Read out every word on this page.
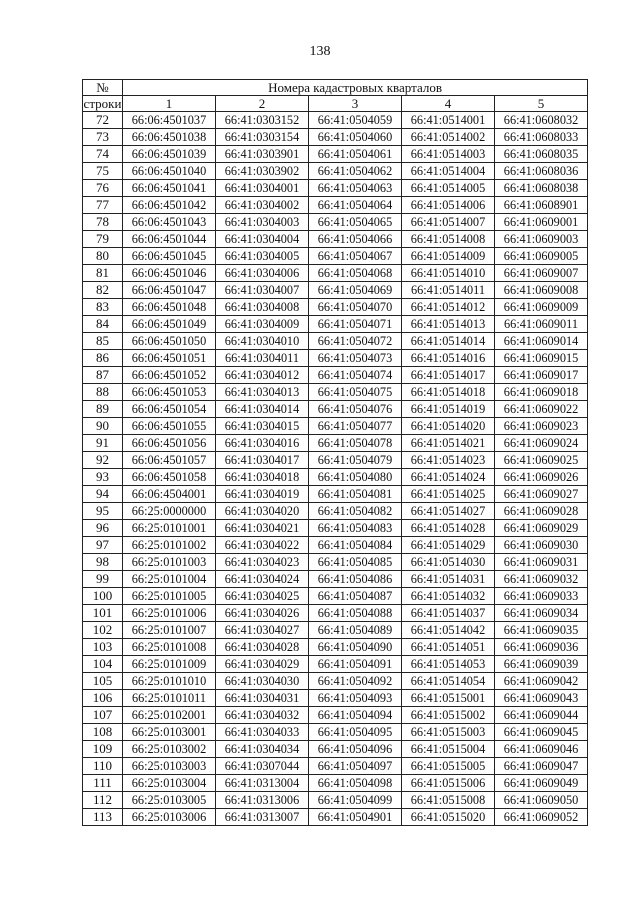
138
№	Номера кадастровых кварталов				
строки	1	2	3	4	5
72	66:06:4501037	66:41:0303152	66:41:0504059	66:41:0514001	66:41:0608032
73	66:06:4501038	66:41:0303154	66:41:0504060	66:41:0514002	66:41:0608033
74	66:06:4501039	66:41:0303901	66:41:0504061	66:41:0514003	66:41:0608035
75	66:06:4501040	66:41:0303902	66:41:0504062	66:41:0514004	66:41:0608036
76	66:06:4501041	66:41:0304001	66:41:0504063	66:41:0514005	66:41:0608038
77	66:06:4501042	66:41:0304002	66:41:0504064	66:41:0514006	66:41:0608901
78	66:06:4501043	66:41:0304003	66:41:0504065	66:41:0514007	66:41:0609001
79	66:06:4501044	66:41:0304004	66:41:0504066	66:41:0514008	66:41:0609003
80	66:06:4501045	66:41:0304005	66:41:0504067	66:41:0514009	66:41:0609005
81	66:06:4501046	66:41:0304006	66:41:0504068	66:41:0514010	66:41:0609007
82	66:06:4501047	66:41:0304007	66:41:0504069	66:41:0514011	66:41:0609008
83	66:06:4501048	66:41:0304008	66:41:0504070	66:41:0514012	66:41:0609009
84	66:06:4501049	66:41:0304009	66:41:0504071	66:41:0514013	66:41:0609011
85	66:06:4501050	66:41:0304010	66:41:0504072	66:41:0514014	66:41:0609014
86	66:06:4501051	66:41:0304011	66:41:0504073	66:41:0514016	66:41:0609015
87	66:06:4501052	66:41:0304012	66:41:0504074	66:41:0514017	66:41:0609017
88	66:06:4501053	66:41:0304013	66:41:0504075	66:41:0514018	66:41:0609018
89	66:06:4501054	66:41:0304014	66:41:0504076	66:41:0514019	66:41:0609022
90	66:06:4501055	66:41:0304015	66:41:0504077	66:41:0514020	66:41:0609023
91	66:06:4501056	66:41:0304016	66:41:0504078	66:41:0514021	66:41:0609024
92	66:06:4501057	66:41:0304017	66:41:0504079	66:41:0514023	66:41:0609025
93	66:06:4501058	66:41:0304018	66:41:0504080	66:41:0514024	66:41:0609026
94	66:06:4504001	66:41:0304019	66:41:0504081	66:41:0514025	66:41:0609027
95	66:25:0000000	66:41:0304020	66:41:0504082	66:41:0514027	66:41:0609028
96	66:25:0101001	66:41:0304021	66:41:0504083	66:41:0514028	66:41:0609029
97	66:25:0101002	66:41:0304022	66:41:0504084	66:41:0514029	66:41:0609030
98	66:25:0101003	66:41:0304023	66:41:0504085	66:41:0514030	66:41:0609031
99	66:25:0101004	66:41:0304024	66:41:0504086	66:41:0514031	66:41:0609032
100	66:25:0101005	66:41:0304025	66:41:0504087	66:41:0514032	66:41:0609033
101	66:25:0101006	66:41:0304026	66:41:0504088	66:41:0514037	66:41:0609034
102	66:25:0101007	66:41:0304027	66:41:0504089	66:41:0514042	66:41:0609035
103	66:25:0101008	66:41:0304028	66:41:0504090	66:41:0514051	66:41:0609036
104	66:25:0101009	66:41:0304029	66:41:0504091	66:41:0514053	66:41:0609039
105	66:25:0101010	66:41:0304030	66:41:0504092	66:41:0514054	66:41:0609042
106	66:25:0101011	66:41:0304031	66:41:0504093	66:41:0515001	66:41:0609043
107	66:25:0102001	66:41:0304032	66:41:0504094	66:41:0515002	66:41:0609044
108	66:25:0103001	66:41:0304033	66:41:0504095	66:41:0515003	66:41:0609045
109	66:25:0103002	66:41:0304034	66:41:0504096	66:41:0515004	66:41:0609046
110	66:25:0103003	66:41:0307044	66:41:0504097	66:41:0515005	66:41:0609047
111	66:25:0103004	66:41:0313004	66:41:0504098	66:41:0515006	66:41:0609049
112	66:25:0103005	66:41:0313006	66:41:0504099	66:41:0515008	66:41:0609050
113	66:25:0103006	66:41:0313007	66:41:0504901	66:41:0515020	66:41:0609052
